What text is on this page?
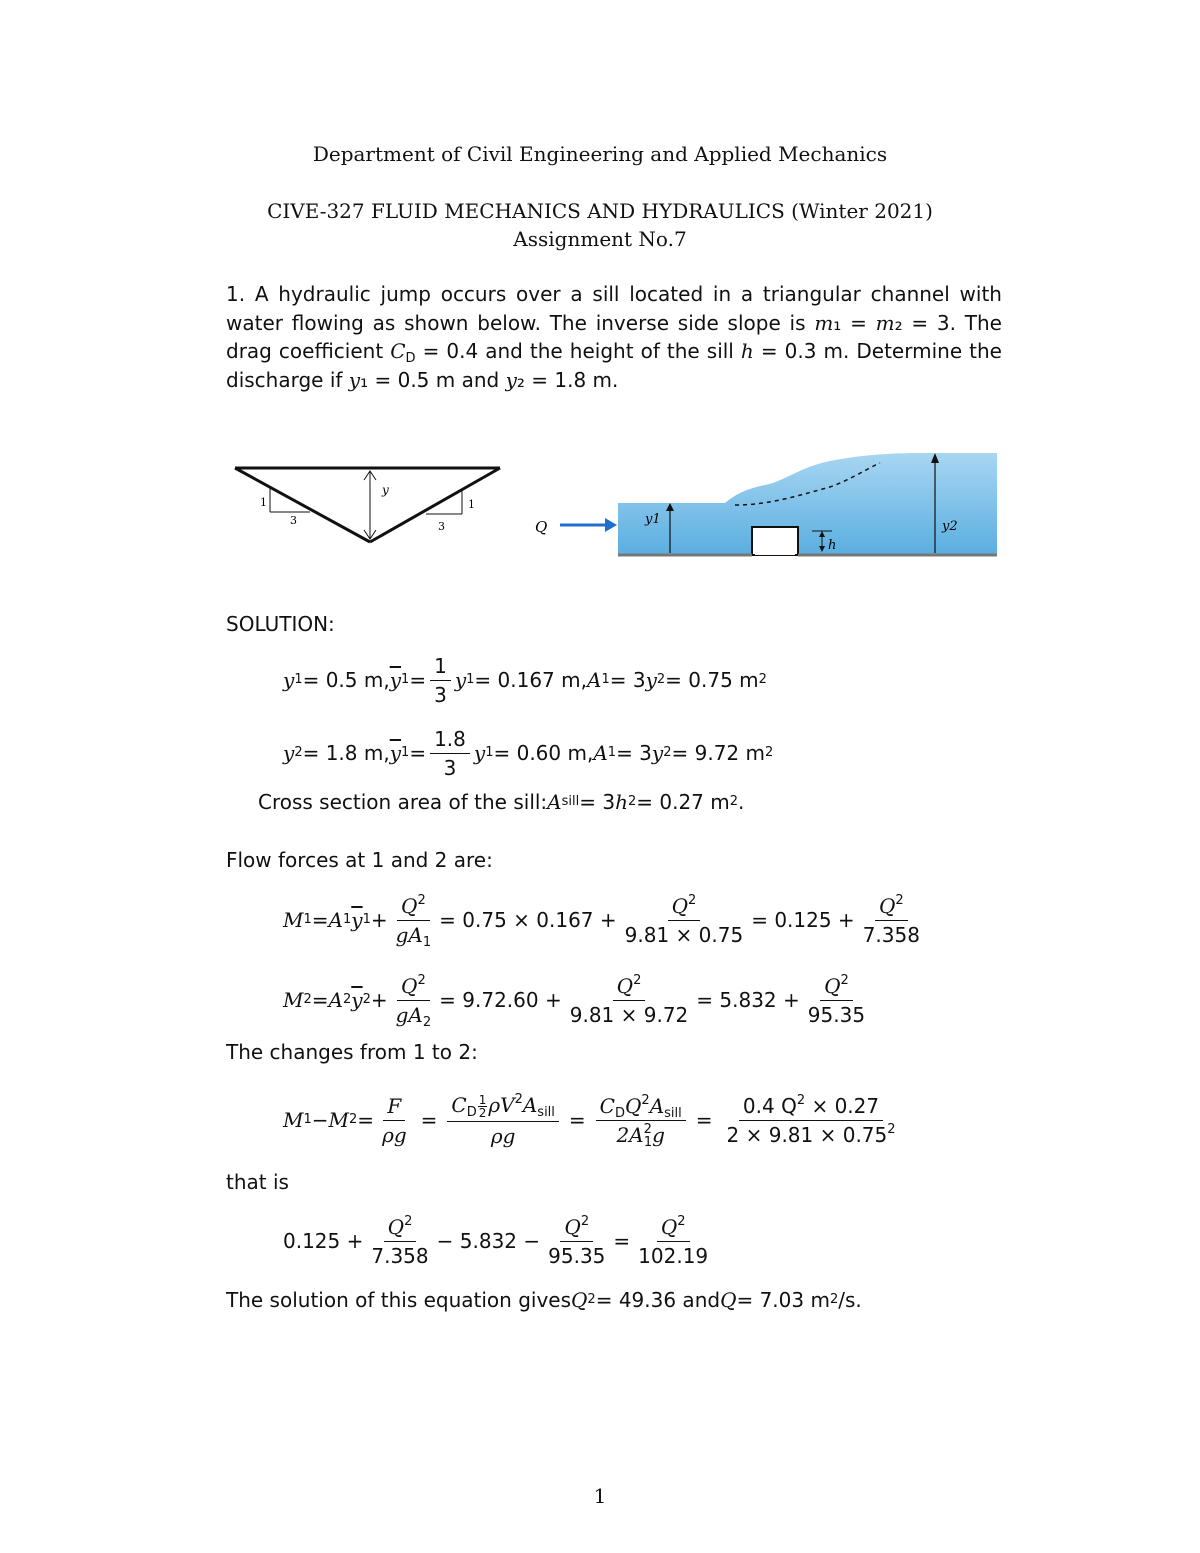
Department of Civil Engineering and Applied Mechanics
CIVE-327 FLUID MECHANICS AND HYDRAULICS (Winter 2021)
Assignment No.7
1. A hydraulic jump occurs over a sill located in a triangular channel with
water flowing as shown below. The inverse side slope is m₁ = m₂ = 3. The
drag coefficient $C_D = 0.4$ and the height of the sill h = 0.3 m. Determine the
discharge if y₁ = 0.5 m and y₂ = 1.8 m.
y
1
3
1
3	Q	y1
h
y2
SOLUTION:
y 1 = 0.5 m, $\overline{y}$ $1 = \frac{1}{3}$ y 1 = 0.167 m, A 1 = 3 y 2 = 0.75 m 2
y 2 = 1.8 m, $\overline{y}$ $1 = \frac{1.8}{3}$ y 1 = 0.60 m, A 1 = 3 y 2 = 9.72 m 2
Cross section area of the sill: A sill = 3 h 2 = 0.27 m 2 .
Flow forces at 1 and 2 are:
M 1 = A 1 $\overline{y}$ $1 + \frac{Q^2}{gA_1} = 0.75 \times 0.167 + \frac{Q^2}{9.81 \times 0.75} = 0.125 + \frac{Q^2}{7.358}$
M 2 = A 2 $\overline{y}$ $2 + \frac{Q^2}{gA_2} = 9.72.60 + \frac{Q^2}{9.81 \times 9.72} = 5.832 + \frac{Q^2}{95.35}$
The changes from 1 to 2:
M 1 − M $2 = \frac{F}{\rho g} = \frac{C_D \frac{1}{2} \rho V^2A_{sill}}{\rho g} = \frac{C_DQ^2A_{sill}}{2A^2_1g} = \frac{0.4 Q^2 \times 0.27}{2 \times 9.81 \times 0.75^2}$
that is
$0.125 + \frac{Q^2}{7.358} - 5.832 - \frac{Q^2}{95.35} = \frac{Q^2}{102.19}$
The solution of this equation gives Q 2 = 49.36 and Q = 7.03 m 2 /s.
1
